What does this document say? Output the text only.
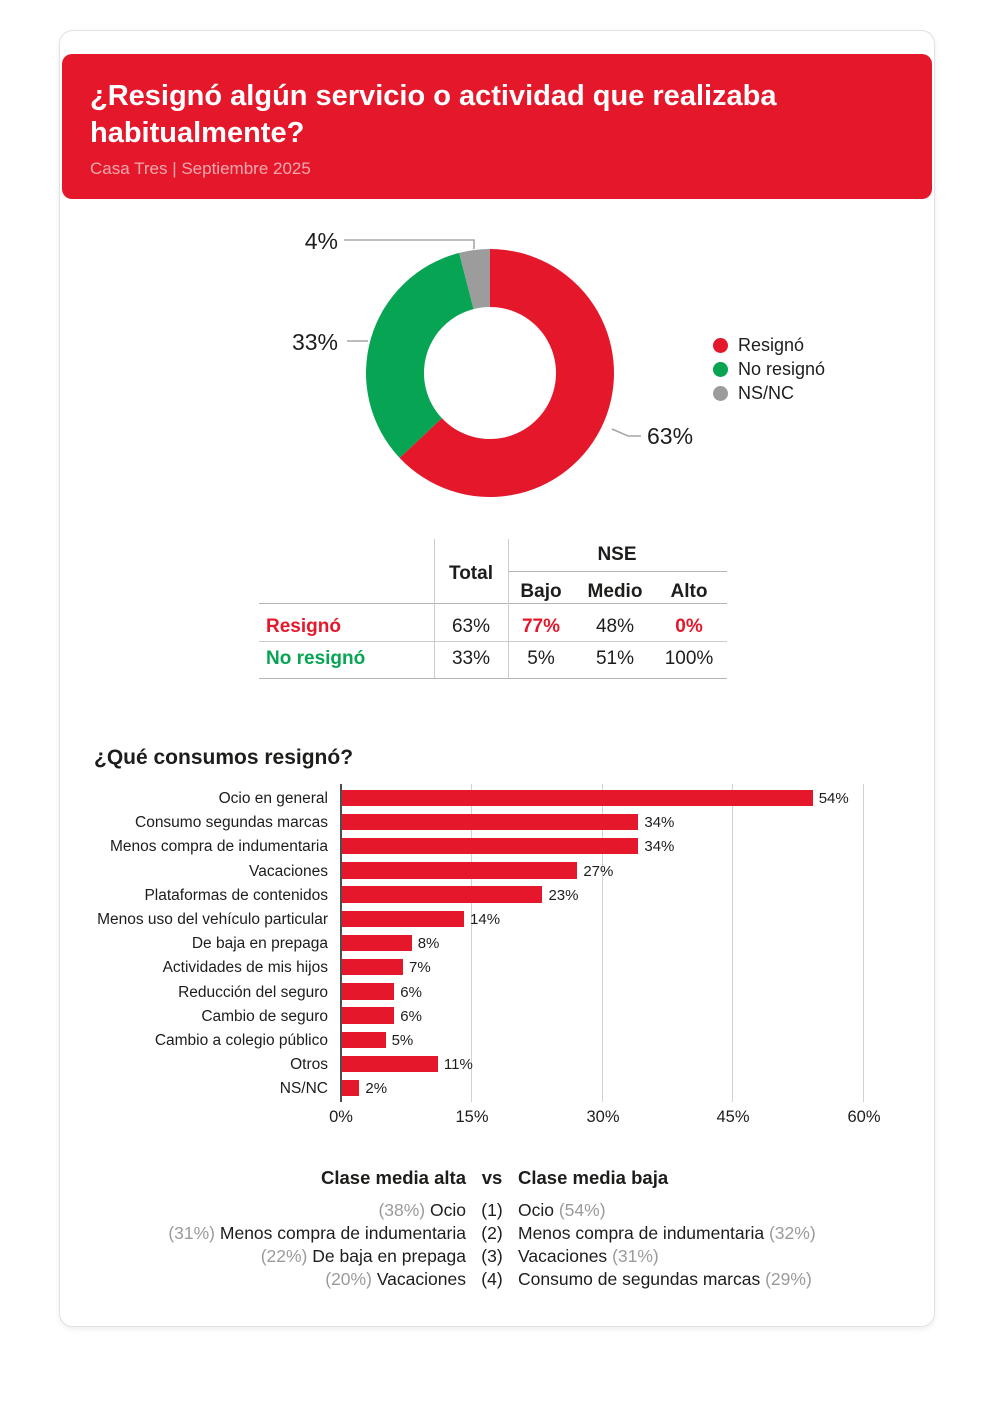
¿Resignó algún servicio o actividad que realizaba habitualmente?
Casa Tres | Septiembre 2025
4%
33%
63%
Resignó
No resignó
NS/NC
NSE
Total
Bajo	Medio	Alto
Resignó	63%	77%	48%	0%
No resignó	33%	5%	51%	100%
¿Qué consumos resignó?
Ocio en general	54%
Consumo segundas marcas	34%
Menos compra de indumentaria	34%
Vacaciones	27%
Plataformas de contenidos	23%
Menos uso del vehículo particular	14%
De baja en prepaga	8%
Actividades de mis hijos	7%
Reducción del seguro	6%
Cambio de seguro	6%
Cambio a colegio público	5%
Otros	11%
NS/NC 2%
0%	15%	30%	45%	60%
Clase media alta vs Clase media baja
(38%) Ocio (1) Ocio (54%)
(31%) Menos compra de indumentaria (2) Menos compra de indumentaria (32%)
(22%) De baja en prepaga (3) Vacaciones (31%)
(20%) Vacaciones (4) Consumo de segundas marcas (29%)
